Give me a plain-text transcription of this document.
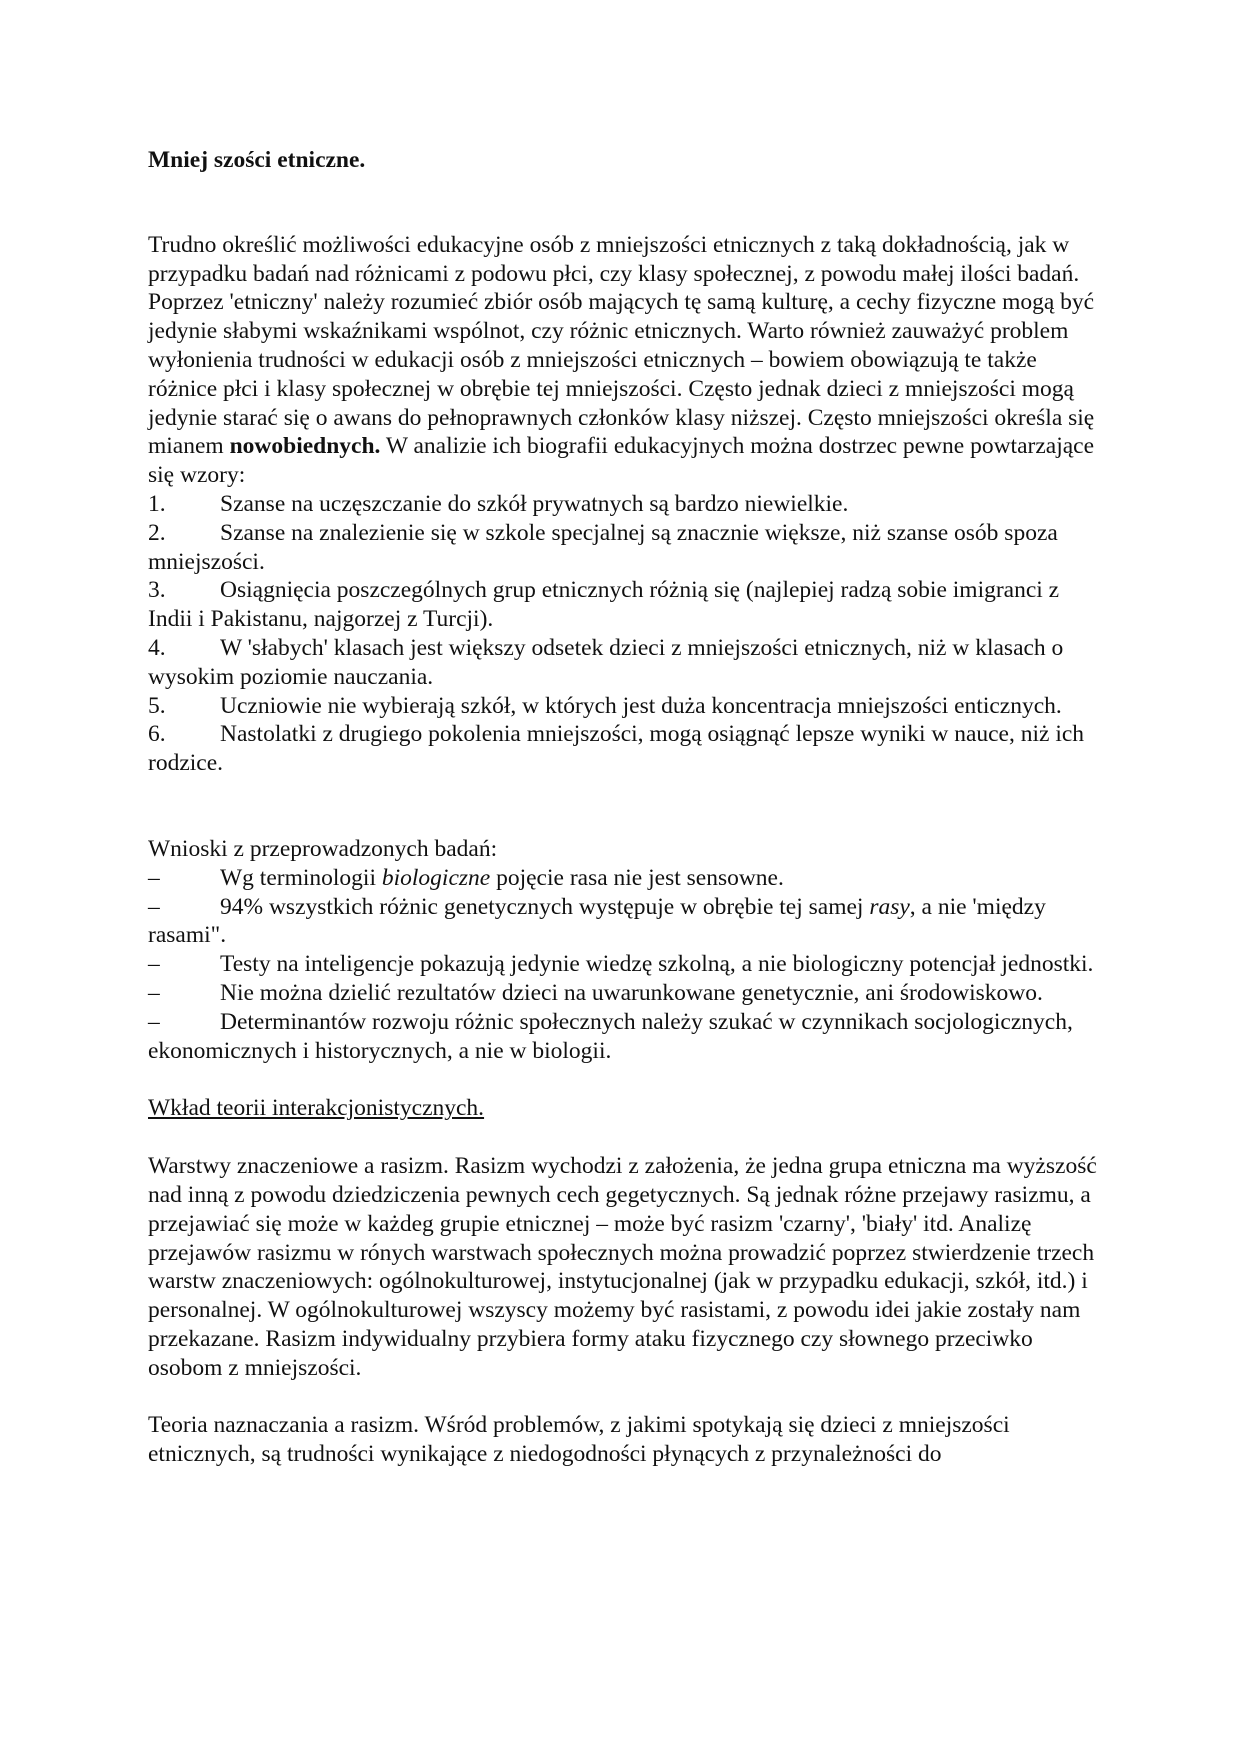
Mniej szości etniczne.

Trudno określić możliwości edukacyjne osób z mniejszości etnicznych z taką dokładnością, jak w przypadku badań nad różnicami z podowu płci, czy klasy społecznej, z powodu małej ilości badań. Poprzez 'etniczny' należy rozumieć zbiór osób mających tę samą kulturę, a cechy fizyczne mogą być jedynie słabymi wskaźnikami wspólnot, czy różnic etnicznych. Warto również zauważyć problem wyłonienia trudności w edukacji osób z mniejszości etnicznych – bowiem obowiązują te także różnice płci i klasy społecznej w obrębie tej mniejszości. Często jednak dzieci z mniejszości mogą jedynie starać się o awans do pełnoprawnych członków klasy niższej. Często mniejszości określa się mianem nowobiednych. W analizie ich biografii edukacyjnych można dostrzec pewne powtarzające się wzory:

1. Szanse na uczęszczanie do szkół prywatnych są bardzo niewielkie.

2. Szanse na znalezienie się w szkole specjalnej są znacznie większe, niż szanse osób spoza mniejszości.

3. Osiągnięcia poszczególnych grup etnicznych różnią się (najlepiej radzą sobie imigranci z Indii i Pakistanu, najgorzej z Turcji).

4. W 'słabych' klasach jest większy odsetek dzieci z mniejszości etnicznych, niż w klasach o wysokim poziomie nauczania.

5. Uczniowie nie wybierają szkół, w których jest duża koncentracja mniejszości enticznych.

6. Nastolatki z drugiego pokolenia mniejszości, mogą osiągnąć lepsze wyniki w nauce, niż ich rodzice.

Wnioski z przeprowadzonych badań:

–	Wg terminologii biologiczne pojęcie rasa nie jest sensowne.

–	94% wszystkich różnic genetycznych występuje w obrębie tej samej rasy, a nie 'między rasami".

–	Testy na inteligencje pokazują jedynie wiedzę szkolną, a nie biologiczny potencjał jednostki.

–	Nie można dzielić rezultatów dzieci na uwarunkowane genetycznie, ani środowiskowo.

–	Determinantów rozwoju różnic społecznych należy szukać w czynnikach socjologicznych, ekonomicznych i historycznych, a nie w biologii.

Wkład teorii interakcjonistycznych.

Warstwy znaczeniowe a rasizm. Rasizm wychodzi z założenia, że jedna grupa etniczna ma wyższość nad inną z powodu dziedziczenia pewnych cech gegetycznych. Są jednak różne przejawy rasizmu, a przejawiać się może w każdeg grupie etnicznej – może być rasizm 'czarny', 'biały' itd. Analizę przejawów rasizmu w rónych warstwach społecznych można prowadzić poprzez stwierdzenie trzech warstw znaczeniowych: ogólnokulturowej, instytucjonalnej (jak w przypadku edukacji, szkół, itd.) i personalnej. W ogólnokulturowej wszyscy możemy być rasistami, z powodu idei jakie zostały nam przekazane. Rasizm indywidualny przybiera formy ataku fizycznego czy słownego przeciwko osobom z mniejszości.

Teoria naznaczania a rasizm. Wśród problemów, z jakimi spotykają się dzieci z mniejszości etnicznych, są trudności wynikające z niedogodności płynących z przynależności do
